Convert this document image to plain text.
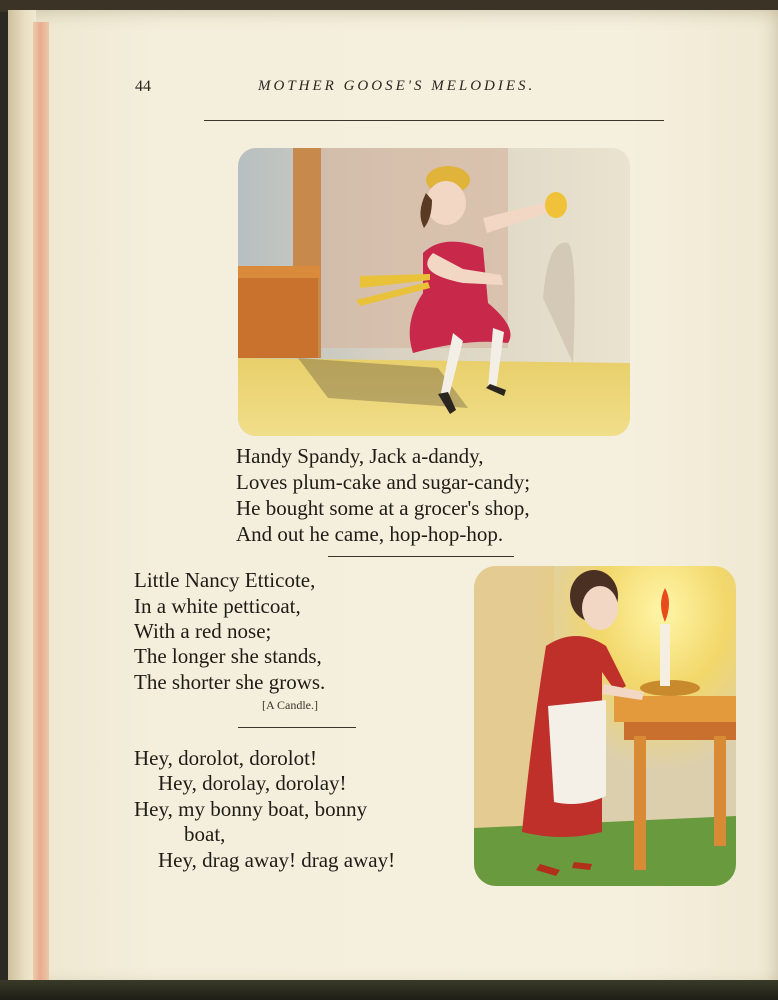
44	MOTHER GOOSE'S MELODIES.
Handy Spandy, Jack a-dandy,
Loves plum-cake and sugar-candy;
He bought some at a grocer's shop,
And out he came, hop-hop-hop.
Little Nancy Etticote,
In a white petticoat,
With a red nose;
The longer she stands,
The shorter she grows.
[A Candle.]
Hey, dorolot, dorolot!
Hey, dorolay, dorolay!
Hey, my bonny boat, bonny
boat,
Hey, drag away! drag away!
